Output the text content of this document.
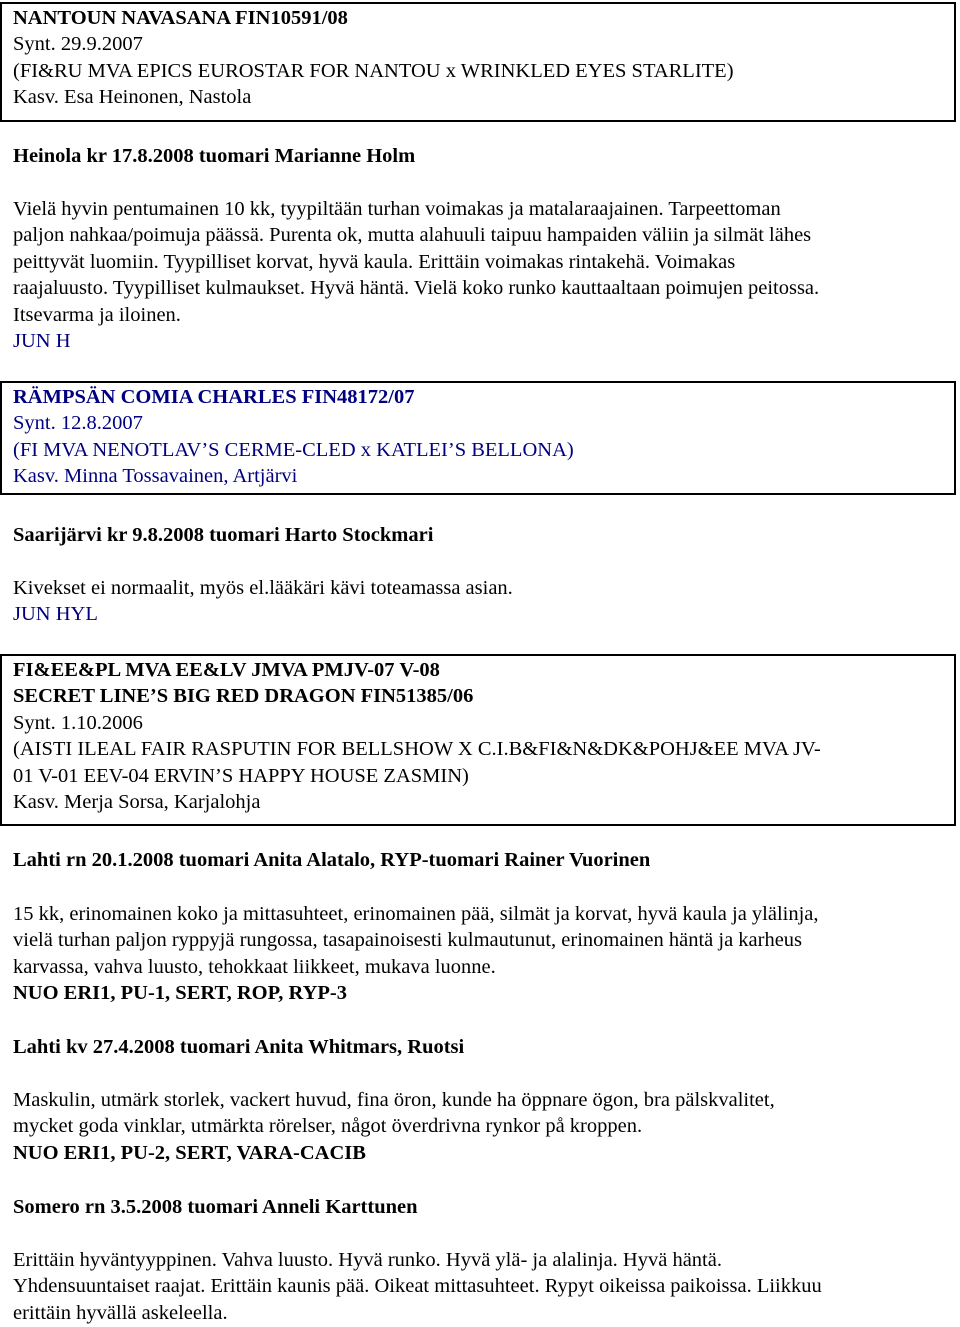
NANTOUN NAVASANA FIN10591/08

Synt. 29.9.2007

(FI&RU MVA EPICS EUROSTAR FOR NANTOU x WRINKLED EYES STARLITE)

Kasv. Esa Heinonen, Nastola

Heinola kr 17.8.2008 tuomari Marianne Holm

Vielä hyvin pentumainen 10 kk, tyypiltään turhan voimakas ja matalaraajainen. Tarpeettoman

paljon nahkaa/poimuja päässä. Purenta ok, mutta alahuuli taipuu hampaiden väliin ja silmät lähes

peittyvät luomiin. Tyypilliset korvat, hyvä kaula. Erittäin voimakas rintakehä. Voimakas

raajaluusto. Tyypilliset kulmaukset. Hyvä häntä. Vielä koko runko kauttaaltaan poimujen peitossa.

Itsevarma ja iloinen.

JUN H

RÄMPSÄN COMIA CHARLES FIN48172/07

Synt. 12.8.2007

(FI MVA NENOTLAV’S CERME-CLED x KATLEI’S BELLONA)

Kasv. Minna Tossavainen, Artjärvi

Saarijärvi kr 9.8.2008 tuomari Harto Stockmari

Kivekset ei normaalit, myös el.lääkäri kävi toteamassa asian.

JUN HYL

FI&EE&PL MVA EE&LV JMVA PMJV-07 V-08

SECRET LINE’S BIG RED DRAGON FIN51385/06

Synt. 1.10.2006

(AISTI ILEAL FAIR RASPUTIN FOR BELLSHOW X C.I.B&FI&N&DK&POHJ&EE MVA JV-

01 V-01 EEV-04 ERVIN’S HAPPY HOUSE ZASMIN)

Kasv. Merja Sorsa, Karjalohja

Lahti rn 20.1.2008 tuomari Anita Alatalo, RYP-tuomari Rainer Vuorinen

15 kk, erinomainen koko ja mittasuhteet, erinomainen pää, silmät ja korvat, hyvä kaula ja ylälinja,

vielä turhan paljon ryppyjä rungossa, tasapainoisesti kulmautunut, erinomainen häntä ja karheus

karvassa, vahva luusto, tehokkaat liikkeet, mukava luonne.

NUO ERI1, PU-1, SERT, ROP, RYP-3

Lahti kv 27.4.2008 tuomari Anita Whitmars, Ruotsi

Maskulin, utmärk storlek, vackert huvud, fina öron, kunde ha öppnare ögon, bra pälskvalitet,

mycket goda vinklar, utmärkta rörelser, något överdrivna rynkor på kroppen.

NUO ERI1, PU-2, SERT, VARA-CACIB

Somero rn 3.5.2008 tuomari Anneli Karttunen

Erittäin hyväntyyppinen. Vahva luusto. Hyvä runko. Hyvä ylä- ja alalinja. Hyvä häntä.

Yhdensuuntaiset raajat. Erittäin kaunis pää. Oikeat mittasuhteet. Rypyt oikeissa paikoissa. Liikkuu

erittäin hyvällä askeleella.
